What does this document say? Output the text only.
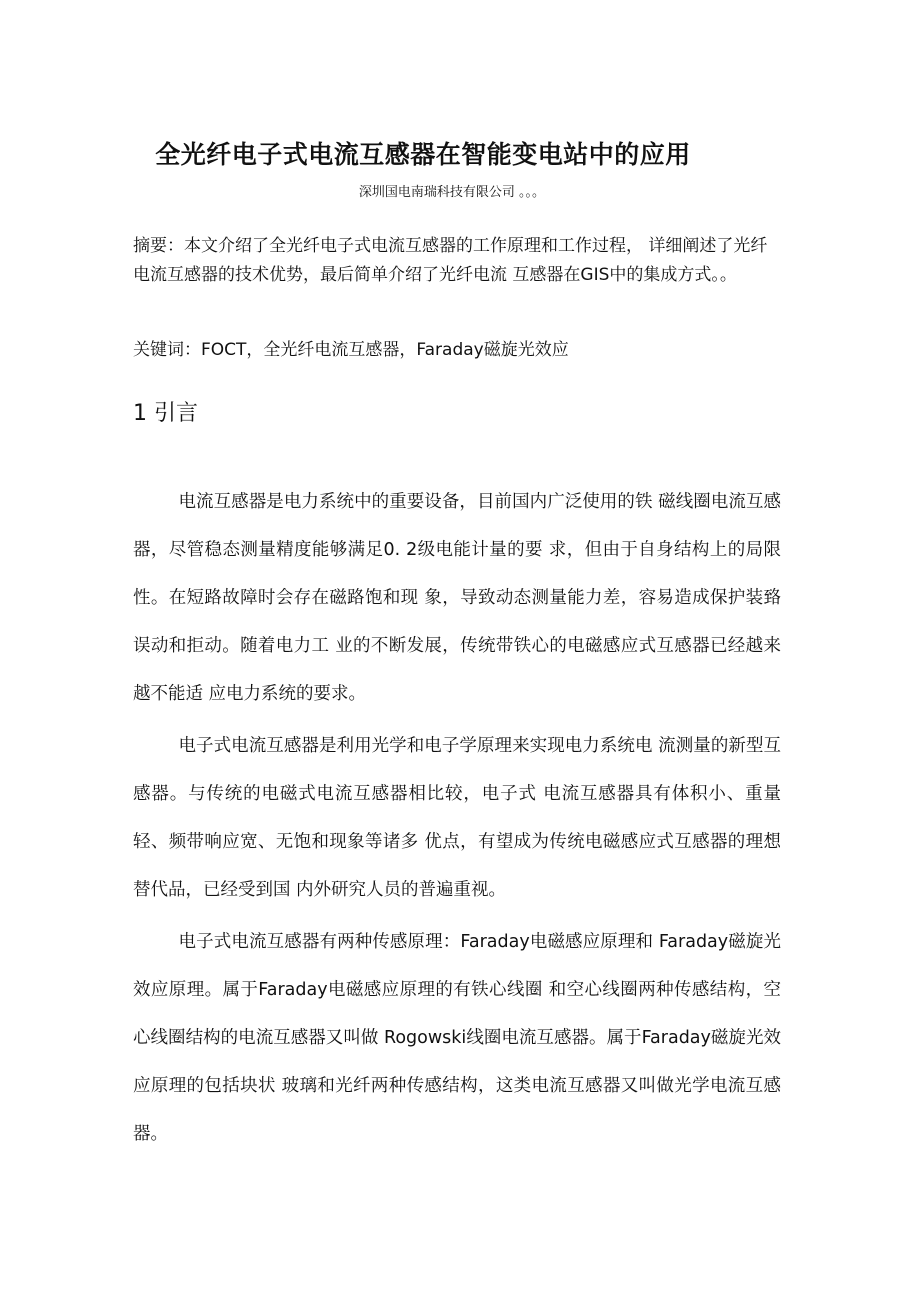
全光纤电子式电流互感器在智能变电站中的应用
深圳国电南瑞科技有限公司 。。。

摘要：本文介绍了全光纤电子式电流互感器的工作原理和工作过程， 详细阐述了光纤电流互感器的技术优势，最后简单介绍了光纤电流 互感器在GIS中的集成方式。。

关键词：FOCT，全光纤电流互感器，Faraday磁旋光效应

1 引言

电流互感器是电力系统中的重要设备，目前国内广泛使用的铁 磁线圈电流互感器，尽管稳态测量精度能够满足0. 2级电能计量的要 求，但由于自身结构上的局限性。在短路故障时会存在磁路饱和现 象，导致动态测量能力差，容易造成保护装臵误动和拒动。随着电力工 业的不断发展，传统带铁心的电磁感应式互感器已经越来越不能适 应电力系统的要求。

电子式电流互感器是利用光学和电子学原理来实现电力系统电 流测量的新型互感器。与传统的电磁式电流互感器相比较，电子式 电流互感器具有体积小、重量轻、频带响应宽、无饱和现象等诸多 优点，有望成为传统电磁感应式互感器的理想替代品，已经受到国 内外研究人员的普遍重视。

电子式电流互感器有两种传感原理：Faraday电磁感应原理和 Faraday磁旋光效应原理。属于Faraday电磁感应原理的有铁心线圈 和空心线圈两种传感结构，空心线圈结构的电流互感器又叫做 Rogowski线圈电流互感器。属于Faraday磁旋光效应原理的包括块状 玻璃和光纤两种传感结构，这类电流互感器又叫做光学电流互感器。
